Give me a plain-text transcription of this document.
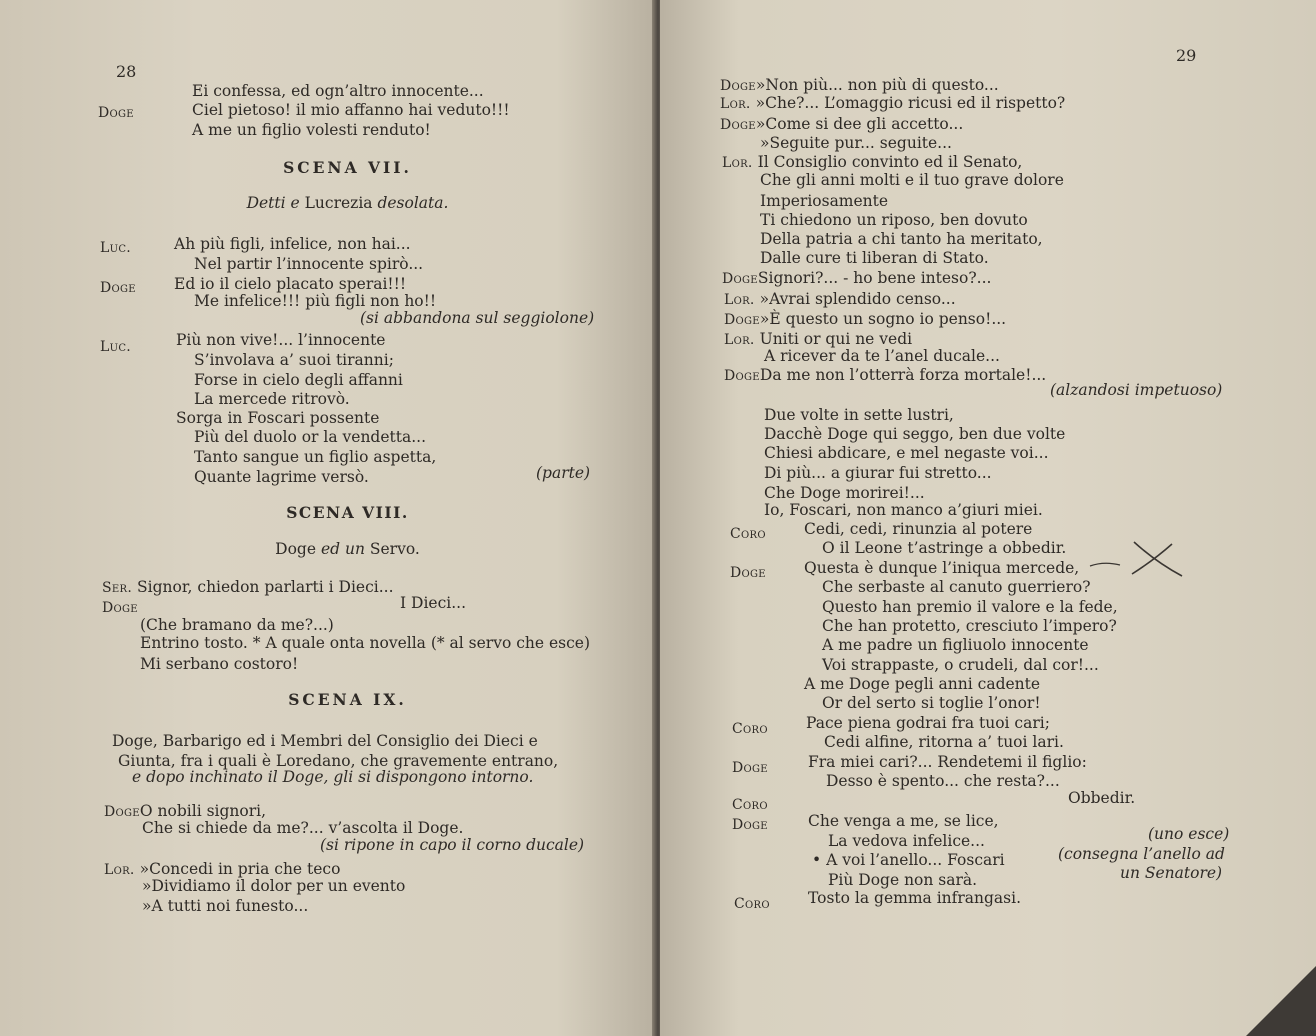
28
Ei confessa, ed ogn’altro innocente...
Doge	Ciel pietoso! il mio affanno hai veduto!!!
A me un figlio volesti renduto!
SCENA VII.
Detti e Lucrezia desolata.
Luc.	Ah più figli, infelice, non hai...
Nel partir l’innocente spirò...
Doge Ed io il cielo placato sperai!!!
Me infelice!!! più figli non ho!!
(si abbandona sul seggiolone)
Luc.	Più non vive!... l’innocente
S’involava a’ suoi tiranni;
Forse in cielo degli affanni
La mercede ritrovò.
Sorga in Foscari possente
Più del duolo or la vendetta...
Tanto sangue un figlio aspetta,
Quante lagrime versò.	(parte)
SCENA VIII.
Doge ed un Servo.
Ser. Signor, chiedon parlarti i Dieci...
Doge	I Dieci...
(Che bramano da me?...)
Entrino tosto. * A quale onta novella (* al servo che esce)
Mi serbano costoro!
SCENA IX.
Doge, Barbarigo ed i Membri del Consiglio dei Dieci e
Giunta, fra i quali è Loredano, che gravemente entrano,
e dopo inchinato il Doge, gli si dispongono intorno.
DogeO nobili signori,
Che si chiede da me?... v’ascolta il Doge.
(si ripone in capo il corno ducale)
Lor. »Concedi in pria che teco
»Dividiamo il dolor per un evento
»A tutti noi funesto...
29
Doge»Non più... non più di questo...
Lor. »Che?... L’omaggio ricusi ed il rispetto?
Doge»Come si dee gli accetto...
»Seguite pur... seguite...
Lor. Il Consiglio convinto ed il Senato,
Che gli anni molti e il tuo grave dolore
Imperiosamente
Ti chiedono un riposo, ben dovuto
Della patria a chi tanto ha meritato,
Dalle cure ti liberan di Stato.
DogeSignori?... - ho bene inteso?...
Lor. »Avrai splendido censo...
Doge»È questo un sogno io penso!...
Lor. Uniti or qui ne vedi
A ricever da te l’anel ducale...
DogeDa me non l’otterrà forza mortale!...
(alzandosi impetuoso)
Due volte in sette lustri,
Dacchè Doge qui seggo, ben due volte
Chiesi abdicare, e mel negaste voi...
Di più... a giurar fui stretto...
Che Doge morirei!...
Io, Foscari, non manco a’giuri miei.
Coro Cedi, cedi, rinunzia al potere
O il Leone t’astringe a obbedir.
Doge Questa è dunque l’iniqua mercede,
Che serbaste al canuto guerriero?
Questo han premio il valore e la fede,
Che han protetto, cresciuto l’impero?
A me padre un figliuolo innocente
Voi strappaste, o crudeli, dal cor!...
A me Doge pegli anni cadente
Or del serto si toglie l’onor!
Coro Pace piena godrai fra tuoi cari;
Cedi alfine, ritorna a’ tuoi lari.
Doge	Fra miei cari?... Rendetemi il figlio:
Desso è spento... che resta?...
Obbedir.
Coro
Doge	Che venga a me, se lice,
La vedova infelice...	(uno esce)
• A voi l’anello... Foscari	(consegna l’anello ad
Più Doge non sarà.	un Senatore)
Coro Tosto la gemma infrangasi.
